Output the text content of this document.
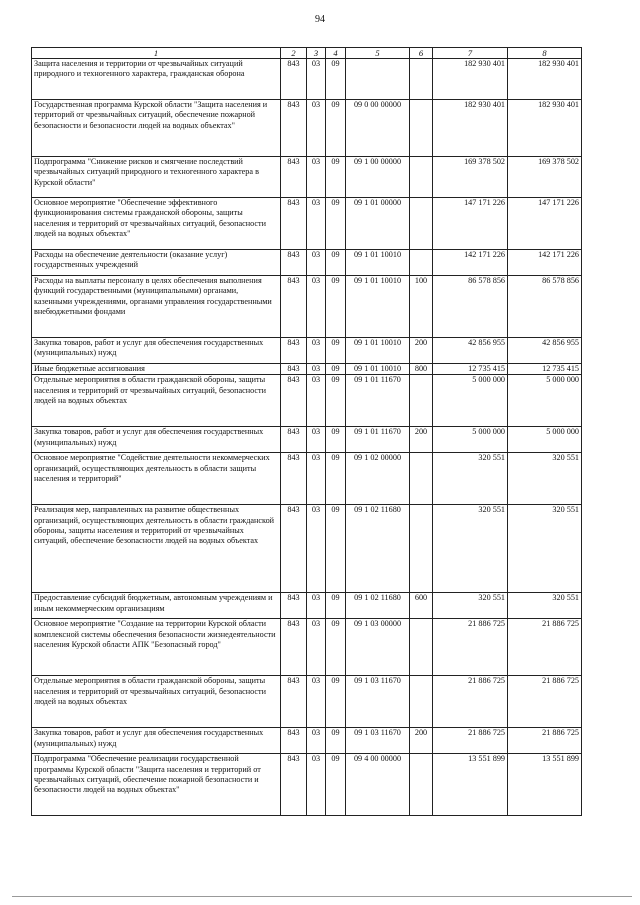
94
1	2	3	4	5	6	7	8
Защита населения и территории от чрезвычайных ситуаций природного и техногенного характера, гражданская оборона	843	03	09			182 930 401	182 930 401
Государственная программа Курской области "Защита населения и территорий от чрезвычайных ситуаций, обеспечение пожарной безопасности и безопасности людей на водных объектах"	843	03	09	09 0 00 00000		182 930 401	182 930 401
Подпрограмма "Снижение рисков и смягчение последствий чрезвычайных ситуаций природного и техногенного характера в Курской области"	843	03	09	09 1 00 00000		169 378 502	169 378 502
Основное мероприятие "Обеспечение эффективного функционирования системы гражданской обороны, защиты населения и территорий от чрезвычайных ситуаций, безопасности людей на водных объектах"	843	03	09	09 1 01 00000		147 171 226	147 171 226
Расходы на обеспечение деятельности (оказание услуг) государственных учреждений	843	03	09	09 1 01 10010		142 171 226	142 171 226
Расходы на выплаты персоналу в целях обеспечения выполнения функций государственными (муниципальными) органами, казенными учреждениями, органами управления государственными внебюджетными фондами	843	03	09	09 1 01 10010	100	86 578 856	86 578 856
Закупка товаров, работ и услуг для обеспечения государственных (муниципальных) нужд	843	03	09	09 1 01 10010	200	42 856 955	42 856 955
Иные бюджетные ассигнования	843	03	09	09 1 01 10010	800	12 735 415	12 735 415
Отдельные мероприятия в области гражданской обороны, защиты населения и территорий от чрезвычайных ситуаций, безопасности людей на водных объектах	843	03	09	09 1 01 11670		5 000 000	5 000 000
Закупка товаров, работ и услуг для обеспечения государственных (муниципальных) нужд	843	03	09	09 1 01 11670	200	5 000 000	5 000 000
Основное мероприятие "Содействие деятельности некоммерческих организаций, осуществляющих деятельность в области защиты населения и территорий"	843	03	09	09 1 02 00000		320 551	320 551
Реализация мер, направленных на развитие общественных организаций, осуществляющих деятельность в области гражданской обороны, защиты населения и территорий от чрезвычайных ситуаций, обеспечение безопасности людей на водных объектах	843	03	09	09 1 02 11680		320 551	320 551
Предоставление субсидий бюджетным, автономным учреждениям и иным некоммерческим организациям	843	03	09	09 1 02 11680	600	320 551	320 551
Основное мероприятие "Создание на территории Курской области комплексной системы обеспечения безопасности жизнедеятельности населения Курской области АПК "Безопасный город"	843	03	09	09 1 03 00000		21 886 725	21 886 725
Отдельные мероприятия в области гражданской обороны, защиты населения и территорий от чрезвычайных ситуаций, безопасности людей на водных объектах	843	03	09	09 1 03 11670		21 886 725	21 886 725
Закупка товаров, работ и услуг для обеспечения государственных (муниципальных) нужд	843	03	09	09 1 03 11670	200	21 886 725	21 886 725
Подпрограмма "Обеспечение реализации государственной программы Курской области "Защита населения и территорий от чрезвычайных ситуаций, обеспечение пожарной безопасности и безопасности людей на водных объектах"	843	03	09	09 4 00 00000		13 551 899	13 551 899
